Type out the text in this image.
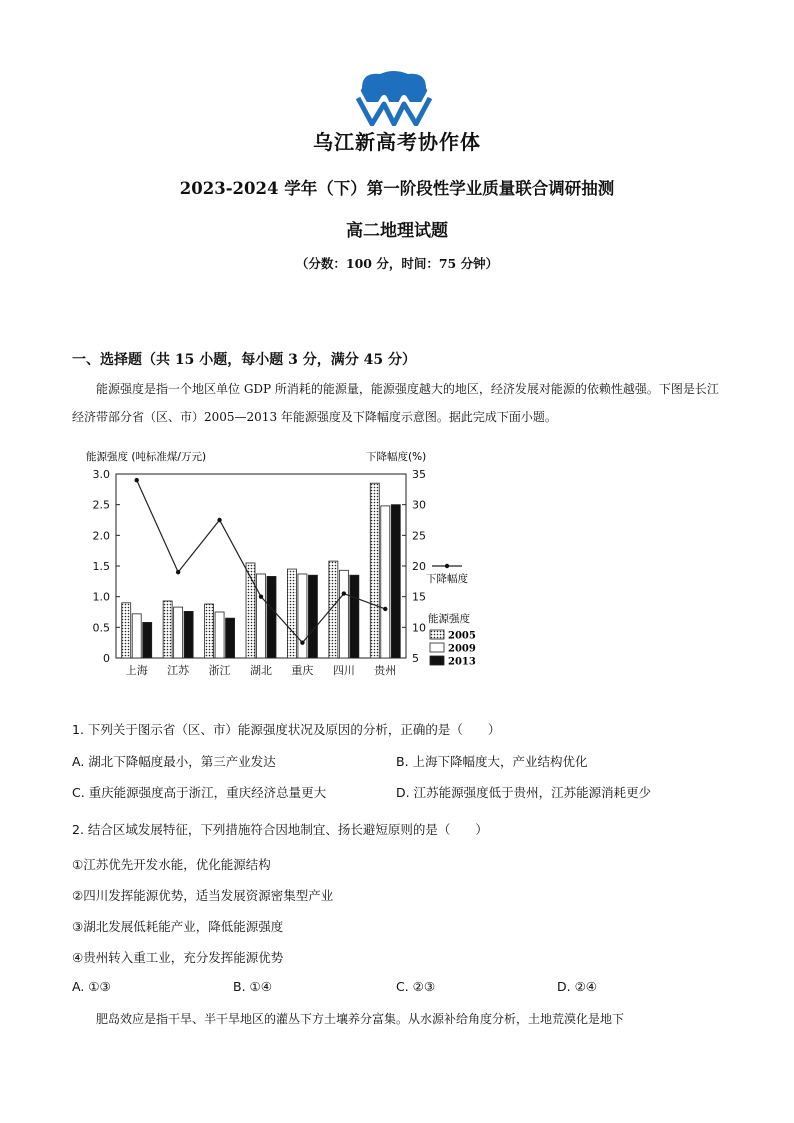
乌江新高考协作体
2023-2024 学年（下）第一阶段性学业质量联合调研抽测
高二地理试题
（分数：100 分，时间：75 分钟）
一、选择题（共 15 小题，每小题 3 分，满分 45 分）
能源强度是指一个地区单位 GDP 所消耗的能源量，能源强度越大的地区，经济发展对能源的依赖性越强。下图是长江经济带部分省（区、市）2005—2013 年能源强度及下降幅度示意图。据此完成下面小题。
能源强度 (吨标准煤/万元)	下降幅度(%)
0
0.5
1.0
1.5
2.0
2.5
3.0
5
10
15
20
25
30
35
上海 江苏 浙江 湖北 重庆 四川 贵州
下降幅度
能源强度
2005
2009
2013
1. 下列关于图示省（区、市）能源强度状况及原因的分析，正确的是（　　）
A. 湖北下降幅度最小，第三产业发达	B. 上海下降幅度大，产业结构优化
C. 重庆能源强度高于浙江，重庆经济总量更大	D. 江苏能源强度低于贵州，江苏能源消耗更少
2. 结合区域发展特征，下列措施符合因地制宜、扬长避短原则的是（　　）
①江苏优先开发水能，优化能源结构
②四川发挥能源优势，适当发展资源密集型产业
③湖北发展低耗能产业，降低能源强度
④贵州转入重工业，充分发挥能源优势
A. ①③	B. ①④	C. ②③	D. ②④
肥岛效应是指干旱、半干旱地区的灌丛下方土壤养分富集。从水源补给角度分析，土地荒漠化是地下
